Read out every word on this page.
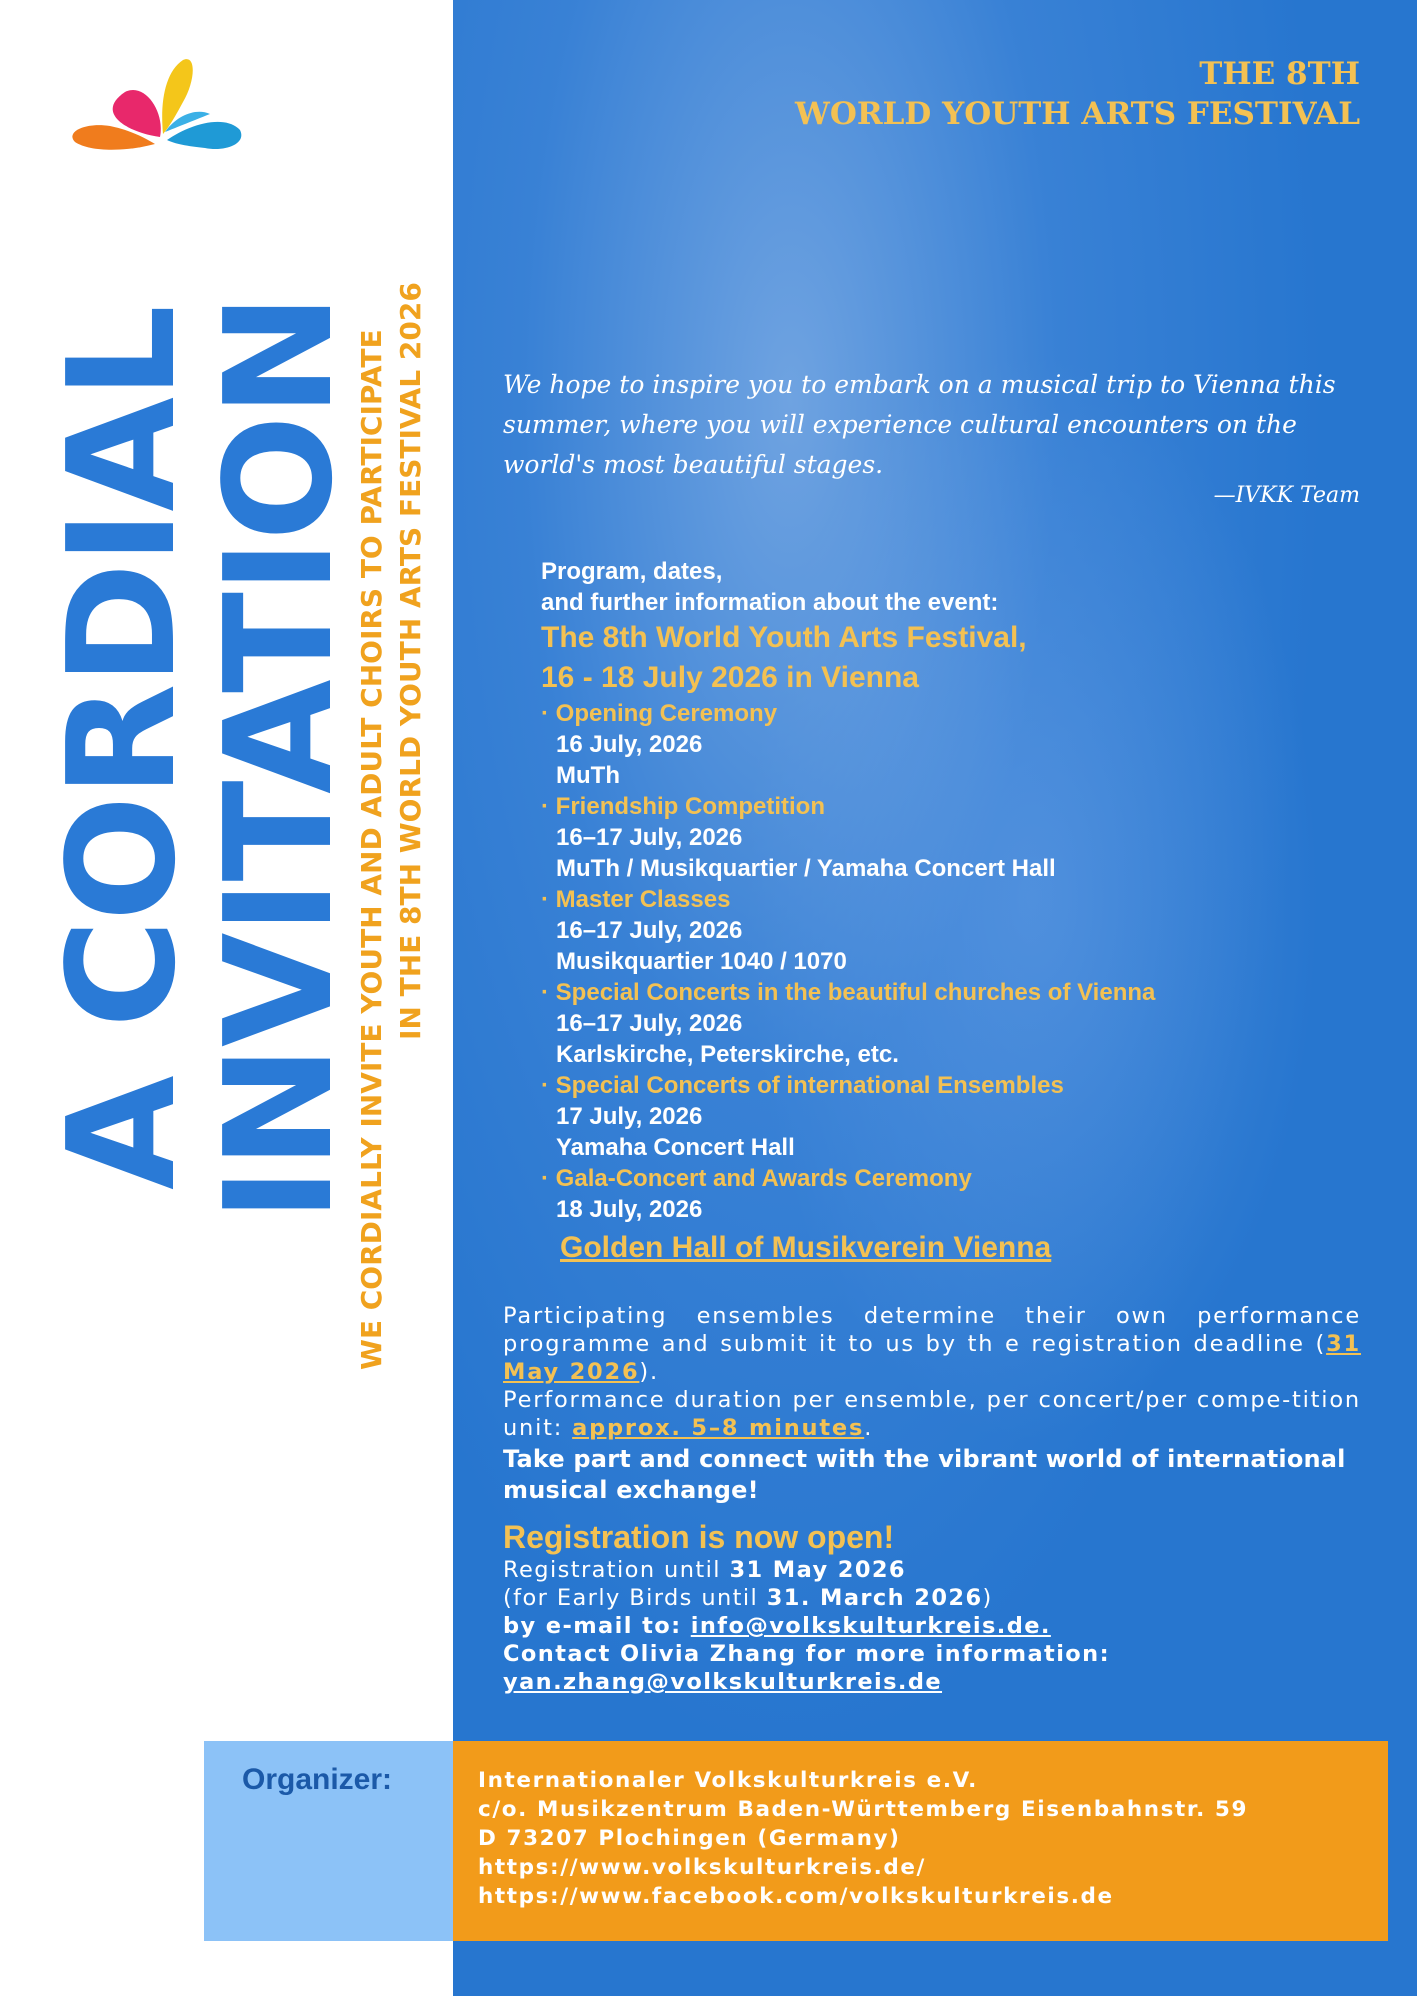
A CORDIAL
INVITATION
WE CORDIALLY INVITE YOUTH AND ADULT CHOIRS TO PARTICIPATE IN THE 8TH WORLD YOUTH ARTS FESTIVAL 2026
THE 8TH
WORLD YOUTH ARTS FESTIVAL
We hope to inspire you to embark on a musical trip to Vienna this summer, where you will experience cultural encounters on the world's most beautiful stages.
—IVKK Team
Program, dates,
and further information about the event:
The 8th World Youth Arts Festival,
16 - 18 July 2026 in Vienna
· Opening Ceremony
16 July, 2026
MuTh
· Friendship Competition
16–17 July, 2026
MuTh / Musikquartier / Yamaha Concert Hall
· Master Classes
16–17 July, 2026
Musikquartier 1040 / 1070
· Special Concerts in the beautiful churches of Vienna
16–17 July, 2026
Karlskirche, Peterskirche, etc.
· Special Concerts of international Ensembles
17 July, 2026
Yamaha Concert Hall
· Gala-Concert and Awards Ceremony
18 July, 2026
Golden Hall of Musikverein Vienna
Participating ensembles determine their own performance programme and submit it to us by th e registration deadline (31 May 2026).
Performance duration per ensemble, per concert/per compe-tition unit: approx. 5–8 minutes.
Take part and connect with the vibrant world of international musical exchange!
Registration is now open!
Registration until 31 May 2026
(for Early Birds until 31. March 2026)
by e-mail to: info@volkskulturkreis.de.
Contact Olivia Zhang for more information:
yan.zhang@volkskulturkreis.de
Organizer:	Internationaler Volkskulturkreis e.V.
c/o. Musikzentrum Baden-Württemberg Eisenbahnstr. 59
D 73207 Plochingen (Germany)
https://www.volkskulturkreis.de/
https://www.facebook.com/volkskulturkreis.de
